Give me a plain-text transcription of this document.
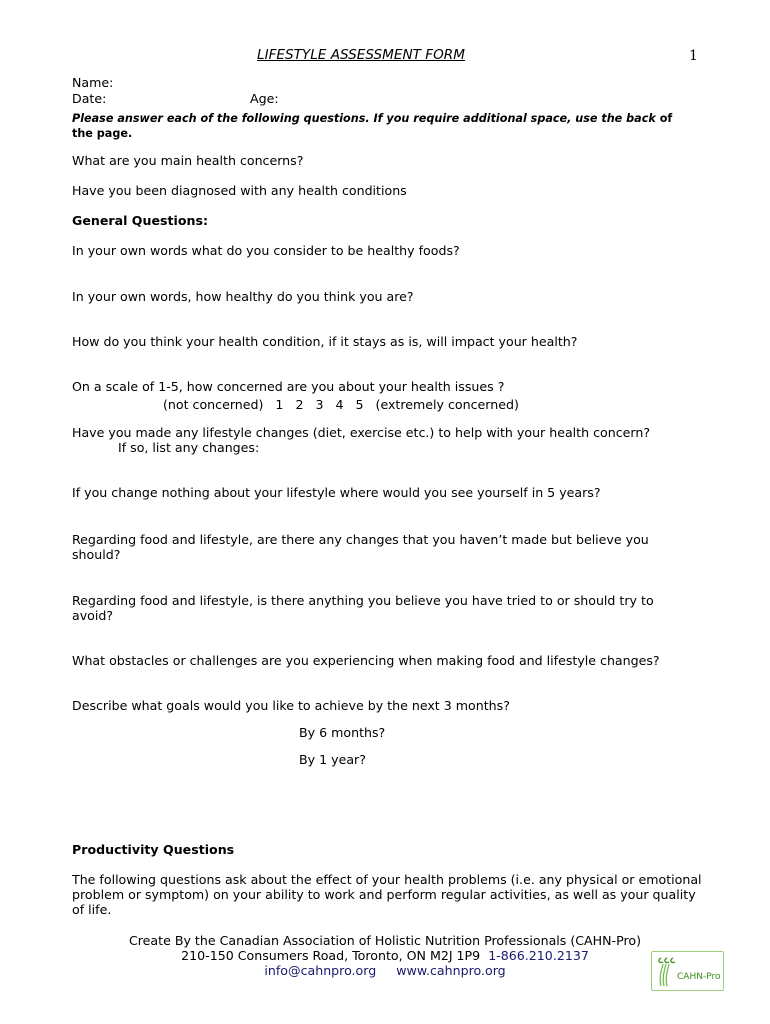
LIFESTYLE ASSESSMENT FORM	1
Name:
Date:	Age:
Please answer each of the following questions. If you require additional space, use the back of the page.
What are you main health concerns?
Have you been diagnosed with any health conditions
General Questions:
In your own words what do you consider to be healthy foods?
In your own words, how healthy do you think you are?
How do you think your health condition, if it stays as is, will impact your health?
On a scale of 1-5, how concerned are you about your health issues ?
(not concerned)   1   2   3   4   5   (extremely concerned)
Have you made any lifestyle changes (diet, exercise etc.) to help with your health concern?
If so, list any changes:
If you change nothing about your lifestyle where would you see yourself in 5 years?
Regarding food and lifestyle, are there any changes that you haven’t made but believe you should?
Regarding food and lifestyle, is there anything you believe you have tried to or should try to avoid?
What obstacles or challenges are you experiencing when making food and lifestyle changes?
Describe what goals would you like to achieve by the next 3 months?
By 6 months?
By 1 year?
Productivity Questions
The following questions ask about the effect of your health problems (i.e. any physical or emotional problem or symptom) on your ability to work and perform regular activities, as well as your quality of life.
Create By the Canadian Association of Holistic Nutrition Professionals (CAHN-Pro)
210-150 Consumers Road, Toronto, ON M2J 1P9 1-866.210.2137
info@cahnpro.org www.cahnpro.org	CAHN-Pro
